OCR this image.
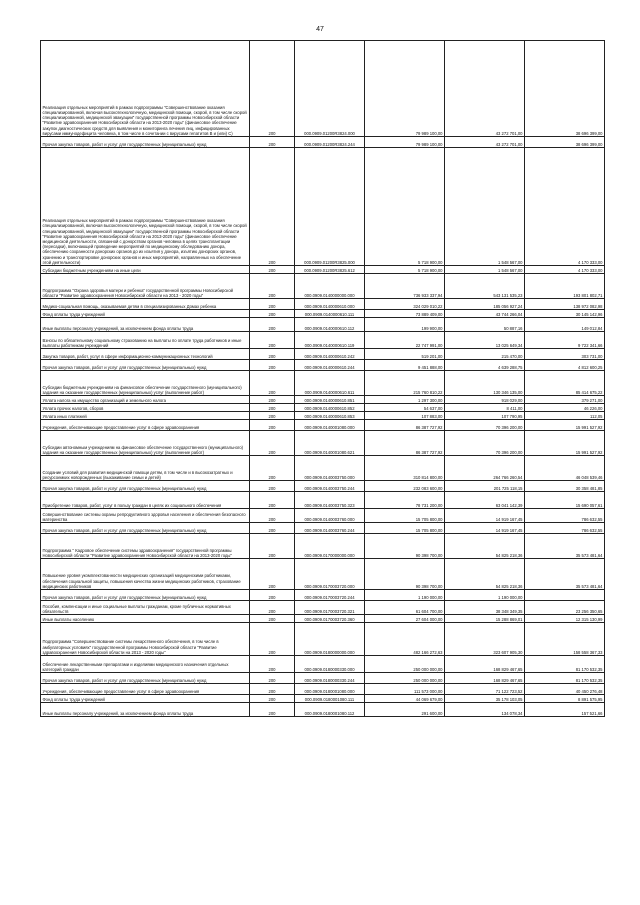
47
Реализация отдельных мероприятий в рамках подпрограммы "Совершенствование оказания специализированной, включая высокотехнологичную, медицинской помощи, скорой, в том числе скорой специализированной, медицинской эвакуации" государственной программы Новосибирской области "Развитие здравоохранения Новосибирской области на 2013-2020 годы" (финансовое обеспечение закупок диагностических средств для выявления и мониторинга лечения лиц, инфицированных вирусами иммунодефицита человека, в том числе в сочетании с вирусами гепатитов B и (или) C)	200	000.0909.01200R3824.000	79 989 100,00	43 272 701,00	38 696 399,00

Прочая закупка товаров, работ и услуг для государственных (муниципальных) нужд	200	000.0909.01200R3824.244	79 989 100,00	43 272 701,00	38 696 399,00

Реализация отдельных мероприятий в рамках подпрограммы "Совершенствование оказания специализированной, включая высокотехнологичную, медицинской помощи, скорой, в том числе скорой специализированной, медицинской эвакуации" государственной программы Новосибирской области "Развитие здравоохранения Новосибирской области на 2013-2020 годы" (финансовое обеспечение медицинской деятельности, связанной с донорством органов человека в целях трансплантации (пересадки), включающей проведение мероприятий по медицинскому обследованию донора, обеспечению сохранности донорских органов до их изъятия у донора, изъятию донорских органов, хранению и транспортировке донорских органов и иных мероприятий, направленных на обеспечение этой деятельности)	200	000.0909.01200R3825.000	5 718 900,00	1 548 567,00	4 170 333,00

Субсидии бюджетным учреждениям на иные цели	200	000.0909.01200R3825.612	5 718 900,00	1 548 567,00	4 170 333,00

Подпрограмма "Охрана здоровья матери и ребенка" государственной программы Новосибирской области "Развитие здравоохранения Новосибирской области на 2013 - 2020 годы"	200	000.0909.0140000000.000	736 933 337,94	543 131 535,23	193 801 802,71

Медико-социальная помощь, оказываемая детям в специализированных Домах ребенка	200	000.0909.0140000610.000	324 029 010,22	185 056 927,24	138 972 082,98

Фонд оплаты труда учреждений	200	000.0909.0140000610.111	73 889 409,00	43 744 266,04	30 145 142,96

Иные выплаты персоналу учреждений, за исключением фонда оплаты труда	200	000.0909.0140000610.112	199 900,00	50 887,16	149 012,84

Взносы по обязательному социальному страхованию на выплаты по оплате труда работников и иные выплаты работникам учреждений	200	000.0909.0140000610.119	22 747 991,00	13 025 649,34	9 722 341,66

Закупка товаров, работ, услуг в сфере информационно-коммуникационных технологий	200	000.0909.0140000610.242	519 201,00	215 470,00	303 731,00

Прочая закупка товаров, работ и услуг для государственных (муниципальных) нужд	200	000.0909.0140000610.244	9 451 888,00	4 639 288,75	4 812 600,25

Субсидии бюджетным учреждениям на финансовое обеспечение государственного (муниципального) задания на оказание государственных (муниципальных) услуг (выполнение работ)	200	000.0909.0140000610.611	215 760 810,22	130 346 135,00	85 414 675,22

Уплата налога на имущество организаций и земельного налога	200	000.0909.0140000610.851	1 297 300,00	918 029,00	379 271,00

Уплата прочих налогов, сборов	200	000.0909.0140000610.852	54 637,00	8 411,00	46 226,00

Уплата иных платежей	200	000.0909.0140000610.853	107 883,00	107 790,95	112,05

Учреждения, обеспечивающие предоставление услуг в сфере здравоохранения	200	000.0909.0140001080.000	86 387 727,92	70 396 200,00	15 991 527,92

Субсидии автономным учреждениям на финансовое обеспечение государственного (муниципального) задания на оказание государственных (муниципальных) услуг (выполнение работ)	200	000.0909.0140001080.621	86 387 727,92	70 396 200,00	15 991 527,92

Создание условий для развития медицинской помощи детям, в том числе и в высокозатратных и ресурсоемких новорожденных (выхаживание семьи и детей)	200	000.0909.0140003750.000	310 814 800,00	264 766 260,54	46 048 539,46

Прочая закупка товаров, работ и услуг для государственных (муниципальных) нужд	200	000.0909.0140003750.244	232 083 600,00	201 725 118,15	30 358 481,85

Приобретение товаров, работ, услуг в пользу граждан в целях их социального обеспечения	200	000.0909.0140003750.323	78 731 200,00	63 041 142,39	15 690 057,61

Совершенствование системы охраны репродуктивного здоровья населения и обеспечения безопасного материнства	200	000.0909.0140003760.000	15 705 800,00	14 919 167,45	786 632,55

Прочая закупка товаров, работ и услуг для государственных (муниципальных) нужд	200	000.0909.0140003760.244	15 705 800,00	14 919 167,45	786 632,55

Подпрограмма " Кадровое обеспечение системы здравоохранения" государственной программы Новосибирской области "Развитие здравоохранения Новосибирской области на 2013-2020 годы"	200	000.0909.0170000000.000	90 398 700,00	54 825 218,36	35 573 481,64

Повышение уровня укомплектованности медицинских организаций медицинскими работниками, обеспечения социальной защиты, повышения качества жизни медицинских работников, страхование медицинских работников	200	000.0909.0170003720.000	90 398 700,00	54 825 218,36	35 573 481,64

Прочая закупка товаров, работ и услуг для государственных (муниципальных) нужд	200	000.0909.0170003720.244	1 190 000,00	1 190 000,00	

Пособия, компенсации и иные социальные выплаты гражданам, кроме публичных нормативных обязательств	200	000.0909.0170003720.321	61 604 700,00	38 348 349,35	23 256 350,65

Иные выплаты населению	200	000.0909.0170003720.360	27 604 000,00	15 288 869,01	12 315 130,99

Подпрограмма "Совершенствование системы лекарственного обеспечения, в том числе в амбулаторных условиях" государственной программы Новосибирской области "Развитие здравоохранения Новосибирской области на 2013 - 2020 годы"	200	000.0909.0180000000.000	482 166 272,63	323 607 905,30	158 558 367,33

Обеспечение лекарственными препаратами и изделиями медицинского назначения отдельных категорий граждан	200	000.0909.0180000330.000	250 000 000,00	168 829 467,65	81 170 532,35

Прочая закупка товаров, работ и услуг для государственных (муниципальных) нужд	200	000.0909.0180000330.244	250 000 000,00	168 829 467,65	81 170 532,35

Учреждения, обеспечивающие предоставление услуг в сфере здравоохранения	200	000.0909.0180001080.000	111 573 000,00	71 122 723,52	40 450 276,48

Фонд оплаты труда учреждений	200	000.0909.0180001080.111	44 069 679,00	35 178 103,05	8 891 575,95

Иные выплаты персоналу учреждений, за исключением фонда оплаты труда	200	000.0909.0180001080.112	291 600,00	134 078,34	157 521,66
